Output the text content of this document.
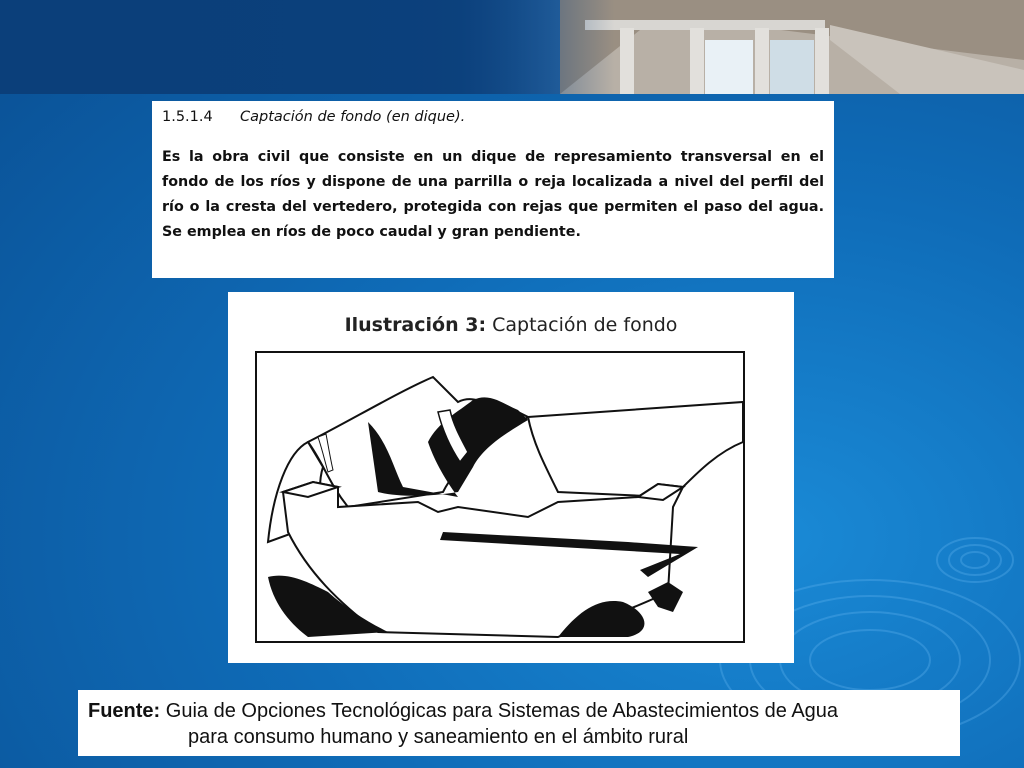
1.5.1.4 Captación de fondo (en dique).

Es la obra civil que consiste en un dique de represamiento transversal en el fondo de los ríos y dispone de una parrilla o reja localizada a nivel del perfil del río o la cresta del vertedero, protegida con rejas que permiten el paso del agua. Se emplea en ríos de poco caudal y gran pendiente.

Ilustración 3: Captación de fondo
Fuente: Guia de Opciones Tecnológicas para Sistemas de Abastecimientos de Agua
para consumo humano y saneamiento en el ámbito rural
